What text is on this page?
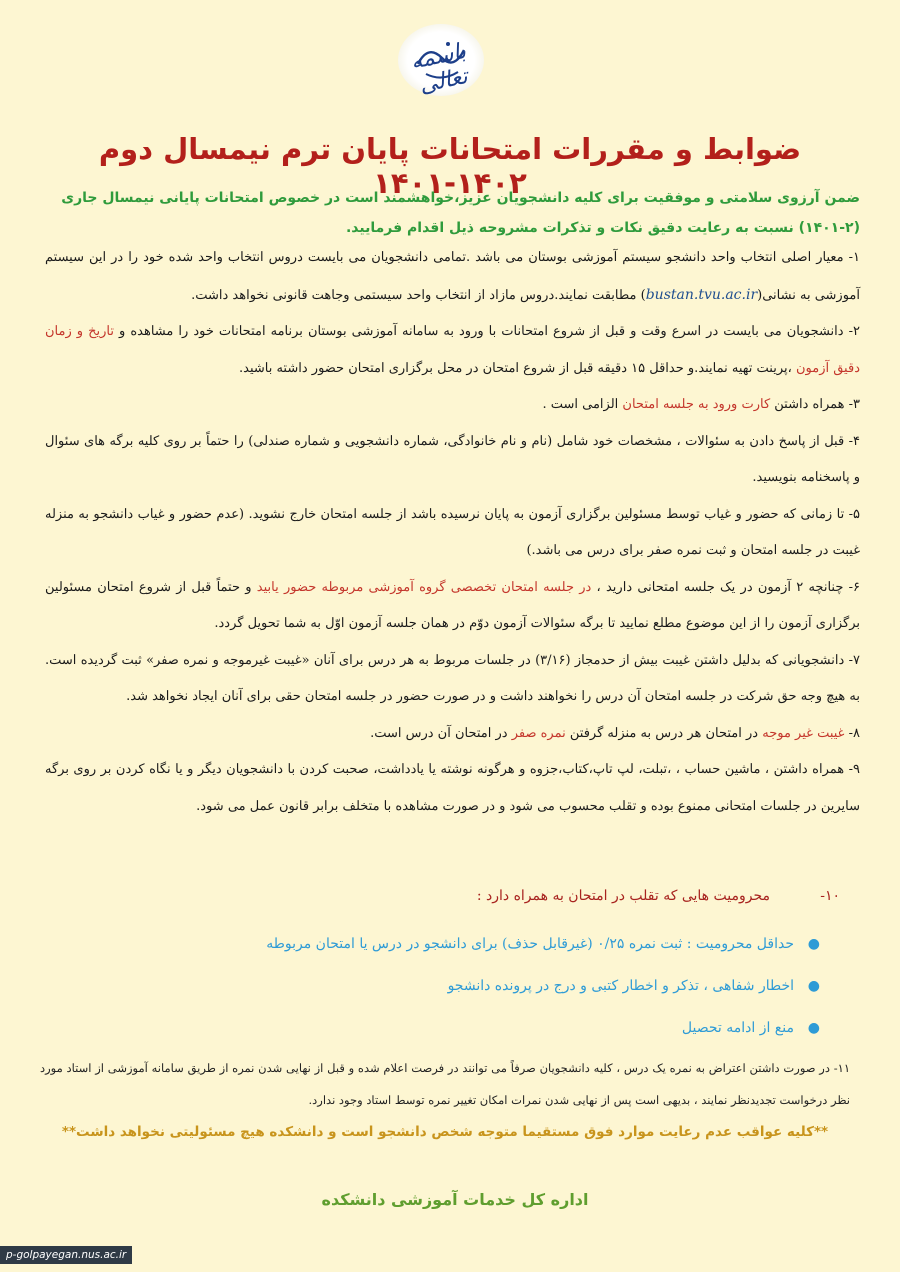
باسمه تعالی
ضوابط و مقررات امتحانات پایان ترم نیمسال دوم ۱۴۰۲-۱۴۰۱

ضمن آرزوی سلامتی و موفقیت برای کلیه دانشجویان عزیز،خواهشمند است در خصوص امتحانات پایانی نیمسال جاری (۲-۱۴۰۱) نسبت به رعایت دقیق نکات و تذکرات مشروحه ذیل اقدام فرمایید.

۱- معیار اصلی انتخاب واحد دانشجو سیستم آموزشی بوستان می باشد .تمامی دانشجویان می بایست دروس انتخاب واحد شده خود را در این سیستم آموزشی به نشانی(bustan.tvu.ac.ir) مطابقت نمایند.دروس مازاد از انتخاب واحد سیستمی وجاهت قانونی نخواهد داشت.

۲- دانشجویان می بایست در اسرع وقت و قبل از شروع امتحانات با ورود به سامانه آموزشی بوستان برنامه امتحانات خود را مشاهده و تاریخ و زمان دقیق آزمون ،پرینت تهیه نمایند.و حداقل ۱۵ دقیقه قبل از شروع امتحان در محل برگزاری امتحان حضور داشته باشید.

۳- همراه داشتن کارت ورود به جلسه امتحان الزامی است .

۴- قبل از پاسخ دادن به سئوالات ، مشخصات خود شامل (نام و نام خانوادگی، شماره دانشجویی و شماره صندلی) را حتماً بر روی کلیه برگه های سئوال و پاسخنامه بنویسید.

۵- تا زمانی که حضور و غیاب توسط مسئولین برگزاری آزمون به پایان نرسیده باشد از جلسه امتحان خارج نشوید. (عدم حضور و غیاب دانشجو به منزله غیبت در جلسه امتحان و ثبت نمره صفر برای درس می باشد.)

۶- چنانچه ۲ آزمون در یک جلسه امتحانی دارید ، در جلسه امتحان تخصصی گروه آموزشی مربوطه حضور یابید و حتماً قبل از شروع امتحان مسئولین برگزاری آزمون را از این موضوع مطلع نمایید تا برگه سئوالات آزمون دوّم در همان جلسه آزمون اوّل به شما تحویل گردد.

۷- دانشجویانی که بدلیل داشتن غیبت بیش از حدمجاز (۳/۱۶) در جلسات مربوط به هر درس برای آنان «غیبت غیرموجه و نمره صفر» ثبت گردیده است. به هیچ وجه حق شرکت در جلسه امتحان آن درس را نخواهند داشت و در صورت حضور در جلسه امتحان حقی برای آنان ایجاد نخواهد شد.

۸- غیبت غیر موجه در امتحان هر درس به منزله گرفتن نمره صفر در امتحان آن درس است.

۹- همراه داشتن ، ماشین حساب ، ،تبلت، لپ تاپ،کتاب،جزوه و هرگونه نوشته یا یادداشت، صحبت کردن با دانشجویان دیگر و یا نگاه کردن بر روی برگه سایرین در جلسات امتحانی ممنوع بوده و تقلب محسوب می شود و در صورت مشاهده با متخلف برابر قانون عمل می شود.

۱۰-محرومیت هایی که تقلب در امتحان به همراه دارد :

●حداقل محرومیت : ثبت نمره ۰/۲۵ (غیرقابل حذف) برای دانشجو در درس یا امتحان مربوطه
●اخطار شفاهی ، تذکر و اخطار کتبی و درج در پرونده دانشجو
●منع از ادامه تحصیل

۱۱- در صورت داشتن اعتراض به نمره یک درس ، کلیه دانشجویان صرفاً می توانند در فرصت اعلام شده و قبل از نهایی شدن نمره از طریق سامانه آموزشی از استاد مورد نظر درخواست تجدیدنظر نمایند ، بدیهی است پس از نهایی شدن نمرات امکان تغییر نمره توسط استاد وجود ندارد.

**کلیه عواقب عدم رعایت موارد فوق مستقیما متوجه شخص دانشجو است و دانشکده هیچ مسئولیتی نخواهد داشت**

اداره کل خدمات آموزشی دانشکده

p-golpayegan.nus.ac.ir
